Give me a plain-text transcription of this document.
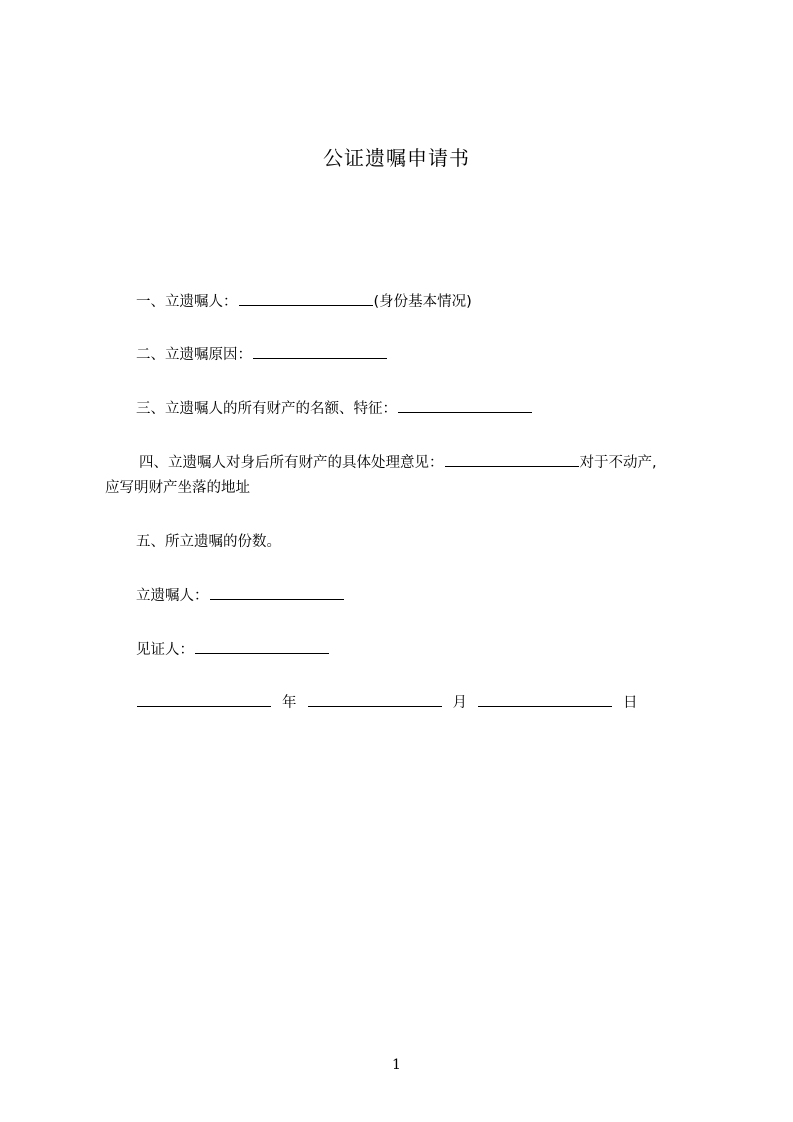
公证遗嘱申请书
一、立遗嘱人：	(身份基本情况)
二、立遗嘱原因：
三、立遗嘱人的所有财产的名额、特征：
四、立遗嘱人对身后所有财产的具体处理意见：	对于不动产,
应写明财产坐落的地址
五、所立遗嘱的份数。
立遗嘱人：
见证人：
年	月	日
1
